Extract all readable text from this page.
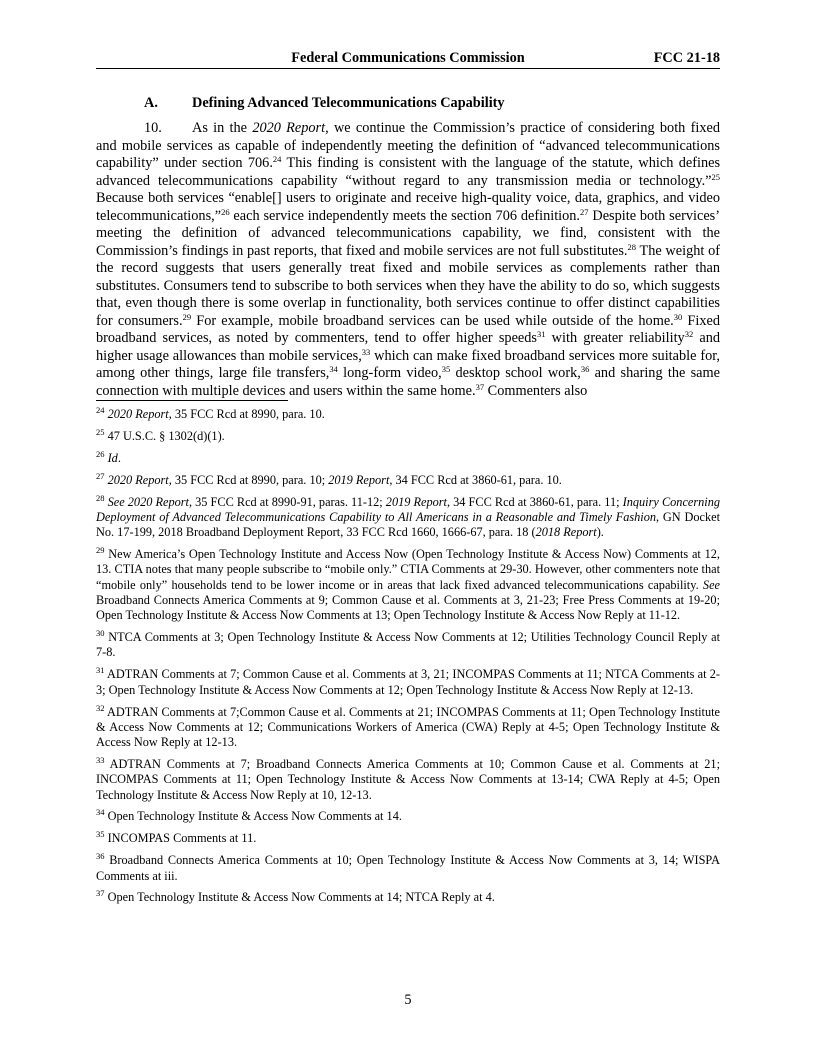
Federal Communications Commission	FCC 21-18
A. Defining Advanced Telecommunications Capability

10. As in the 2020 Report, we continue the Commission’s practice of considering both fixed and mobile services as capable of independently meeting the definition of “advanced telecommunications capability” under section 706.24 This finding is consistent with the language of the statute, which defines advanced telecommunications capability “without regard to any transmission media or technology.”$^{25}$ Because both services “enable[] users to originate and receive high-quality voice, data, graphics, and video telecommunications,”$^{26}$ each service independently meets the section 706 definition.$^{27}$ Despite both services’ meeting the definition of advanced telecommunications capability, we find, consistent with the Commission’s findings in past reports, that fixed and mobile services are not full substitutes.$^{28}$ The weight of the record suggests that users generally treat fixed and mobile services as complements rather than substitutes. Consumers tend to subscribe to both services when they have the ability to do so, which suggests that, even though there is some overlap in functionality, both services continue to offer distinct capabilities for consumers.$^{29}$ For example, mobile broadband services can be used while outside of the home.$^{30}$ Fixed broadband services, as noted by commenters, tend to offer higher speeds$^{31}$ with greater reliability$^{32}$ and higher usage allowances than mobile services,$^{33}$ which can make fixed broadband services more suitable for, among other things, large file transfers,$^{34}$ long-form video,$^{35}$ desktop school work,$^{36}$ and sharing the same connection with multiple devices and users within the same home.$^{37}$ Commenters also

$^{24}$ 2020 Report, 35 FCC Rcd at 8990, para. 10.

$^{25}$ 47 U.S.C. § 1302(d)(1).

$^{26}$ Id.

$^{27}$ 2020 Report, 35 FCC Rcd at 8990, para. 10; 2019 Report, 34 FCC Rcd at 3860-61, para. 10.

$^{28}$ See 2020 Report, 35 FCC Rcd at 8990-91, paras. 11-12; 2019 Report, 34 FCC Rcd at 3860-61, para. 11; Inquiry Concerning Deployment of Advanced Telecommunications Capability to All Americans in a Reasonable and Timely Fashion, GN Docket No. 17-199, 2018 Broadband Deployment Report, 33 FCC Rcd 1660, 1666-67, para. 18 (2018 Report).

$^{29}$ New America’s Open Technology Institute and Access Now (Open Technology Institute & Access Now) Comments at 12, 13. CTIA notes that many people subscribe to “mobile only.” CTIA Comments at 29-30. However, other commenters note that “mobile only” households tend to be lower income or in areas that lack fixed advanced telecommunications capability. See Broadband Connects America Comments at 9; Common Cause et al. Comments at 3, 21-23; Free Press Comments at 19-20; Open Technology Institute & Access Now Comments at 13; Open Technology Institute & Access Now Reply at 11-12.

$^{30}$ NTCA Comments at 3; Open Technology Institute & Access Now Comments at 12; Utilities Technology Council Reply at 7-8.

$^{31}$ ADTRAN Comments at 7; Common Cause et al. Comments at 3, 21; INCOMPAS Comments at 11; NTCA Comments at 2-3; Open Technology Institute & Access Now Comments at 12; Open Technology Institute & Access Now Reply at 12-13.

$^{32}$ ADTRAN Comments at 7;Common Cause et al. Comments at 21; INCOMPAS Comments at 11; Open Technology Institute & Access Now Comments at 12; Communications Workers of America (CWA) Reply at 4-5; Open Technology Institute & Access Now Reply at 12-13.

$^{33}$ ADTRAN Comments at 7; Broadband Connects America Comments at 10; Common Cause et al. Comments at 21; INCOMPAS Comments at 11; Open Technology Institute & Access Now Comments at 13-14; CWA Reply at 4-5; Open Technology Institute & Access Now Reply at 10, 12-13.

$^{34}$ Open Technology Institute & Access Now Comments at 14.

$^{35}$ INCOMPAS Comments at 11.

$^{36}$ Broadband Connects America Comments at 10; Open Technology Institute & Access Now Comments at 3, 14; WISPA Comments at iii.

$^{37}$ Open Technology Institute & Access Now Comments at 14; NTCA Reply at 4.

5
